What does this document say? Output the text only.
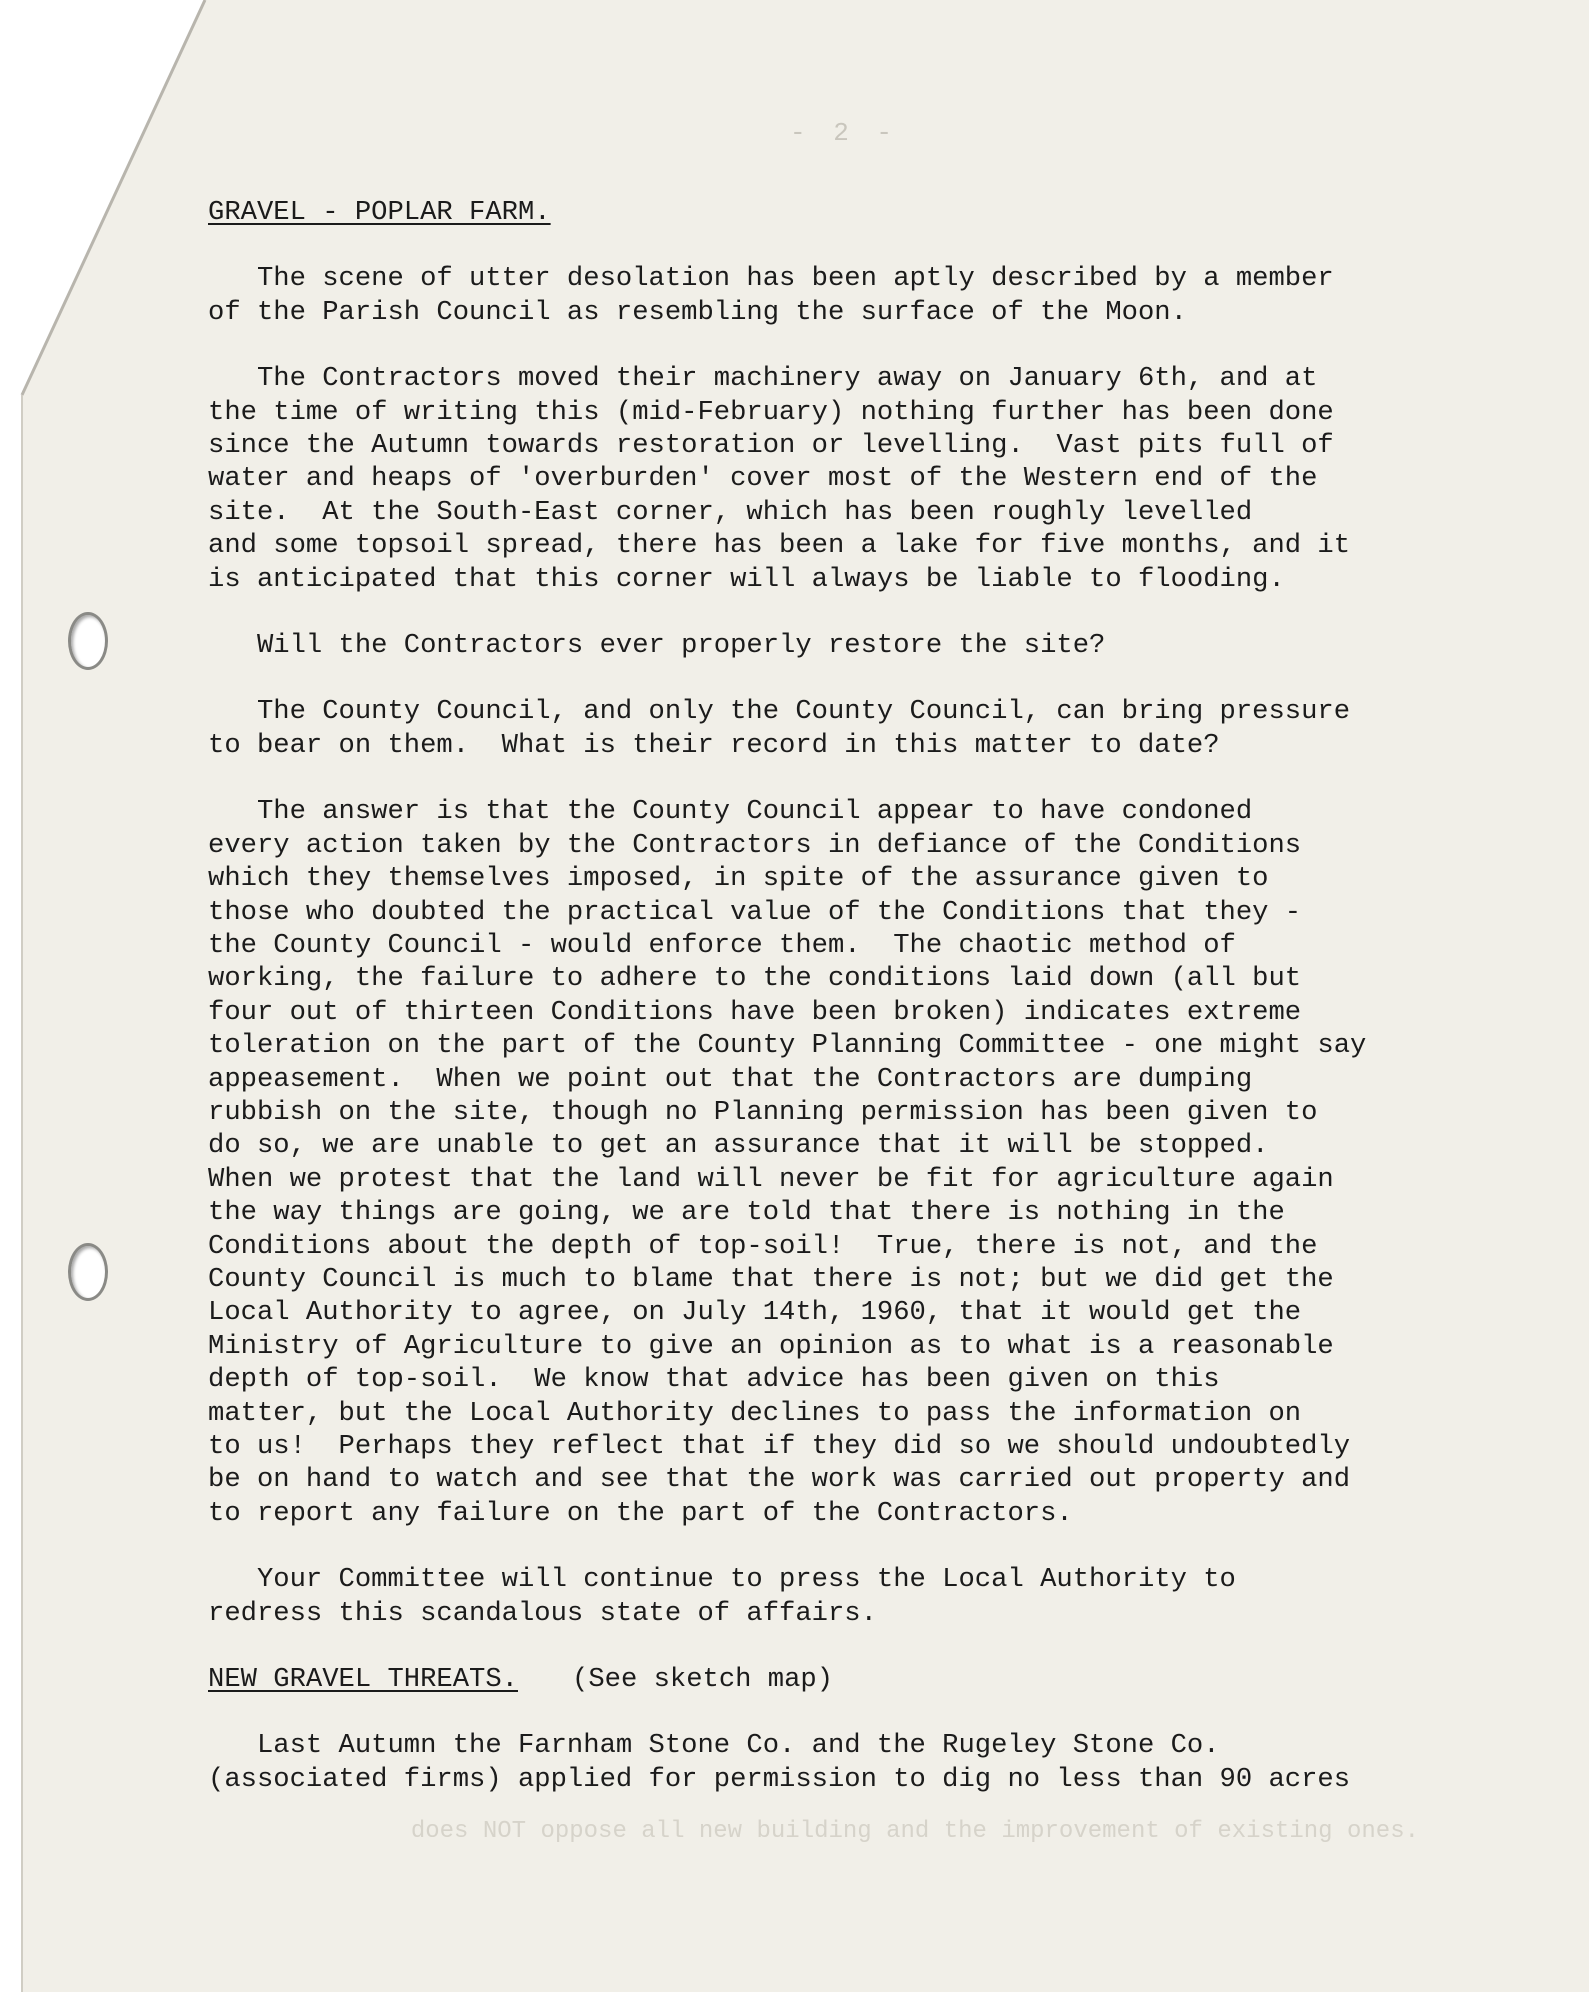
- 2 -
does NOT oppose all new building and the improvement of existing ones.
GRAVEL - POPLAR FARM.
The scene of utter desolation has been aptly described by a member
of the Parish Council as resembling the surface of the Moon.
The Contractors moved their machinery away on January 6th, and at
the time of writing this (mid-February) nothing further has been done
since the Autumn towards restoration or levelling.  Vast pits full of
water and heaps of 'overburden' cover most of the Western end of the
site.  At the South-East corner, which has been roughly levelled
and some topsoil spread, there has been a lake for five months, and it
is anticipated that this corner will always be liable to flooding.
Will the Contractors ever properly restore the site?
The County Council, and only the County Council, can bring pressure
to bear on them.  What is their record in this matter to date?
The answer is that the County Council appear to have condoned
every action taken by the Contractors in defiance of the Conditions
which they themselves imposed, in spite of the assurance given to
those who doubted the practical value of the Conditions that they -
the County Council - would enforce them.  The chaotic method of
working, the failure to adhere to the conditions laid down (all but
four out of thirteen Conditions have been broken) indicates extreme
toleration on the part of the County Planning Committee - one might say
appeasement.  When we point out that the Contractors are dumping
rubbish on the site, though no Planning permission has been given to
do so, we are unable to get an assurance that it will be stopped.
When we protest that the land will never be fit for agriculture again
the way things are going, we are told that there is nothing in the
Conditions about the depth of top-soil!  True, there is not, and the
County Council is much to blame that there is not; but we did get the
Local Authority to agree, on July 14th, 1960, that it would get the
Ministry of Agriculture to give an opinion as to what is a reasonable
depth of top-soil.  We know that advice has been given on this
matter, but the Local Authority declines to pass the information on
to us!  Perhaps they reflect that if they did so we should undoubtedly
be on hand to watch and see that the work was carried out property and
to report any failure on the part of the Contractors.
Your Committee will continue to press the Local Authority to
redress this scandalous state of affairs.
NEW GRAVEL THREATS. (See sketch map)
Last Autumn the Farnham Stone Co. and the Rugeley Stone Co.
(associated firms) applied for permission to dig no less than 90 acres
